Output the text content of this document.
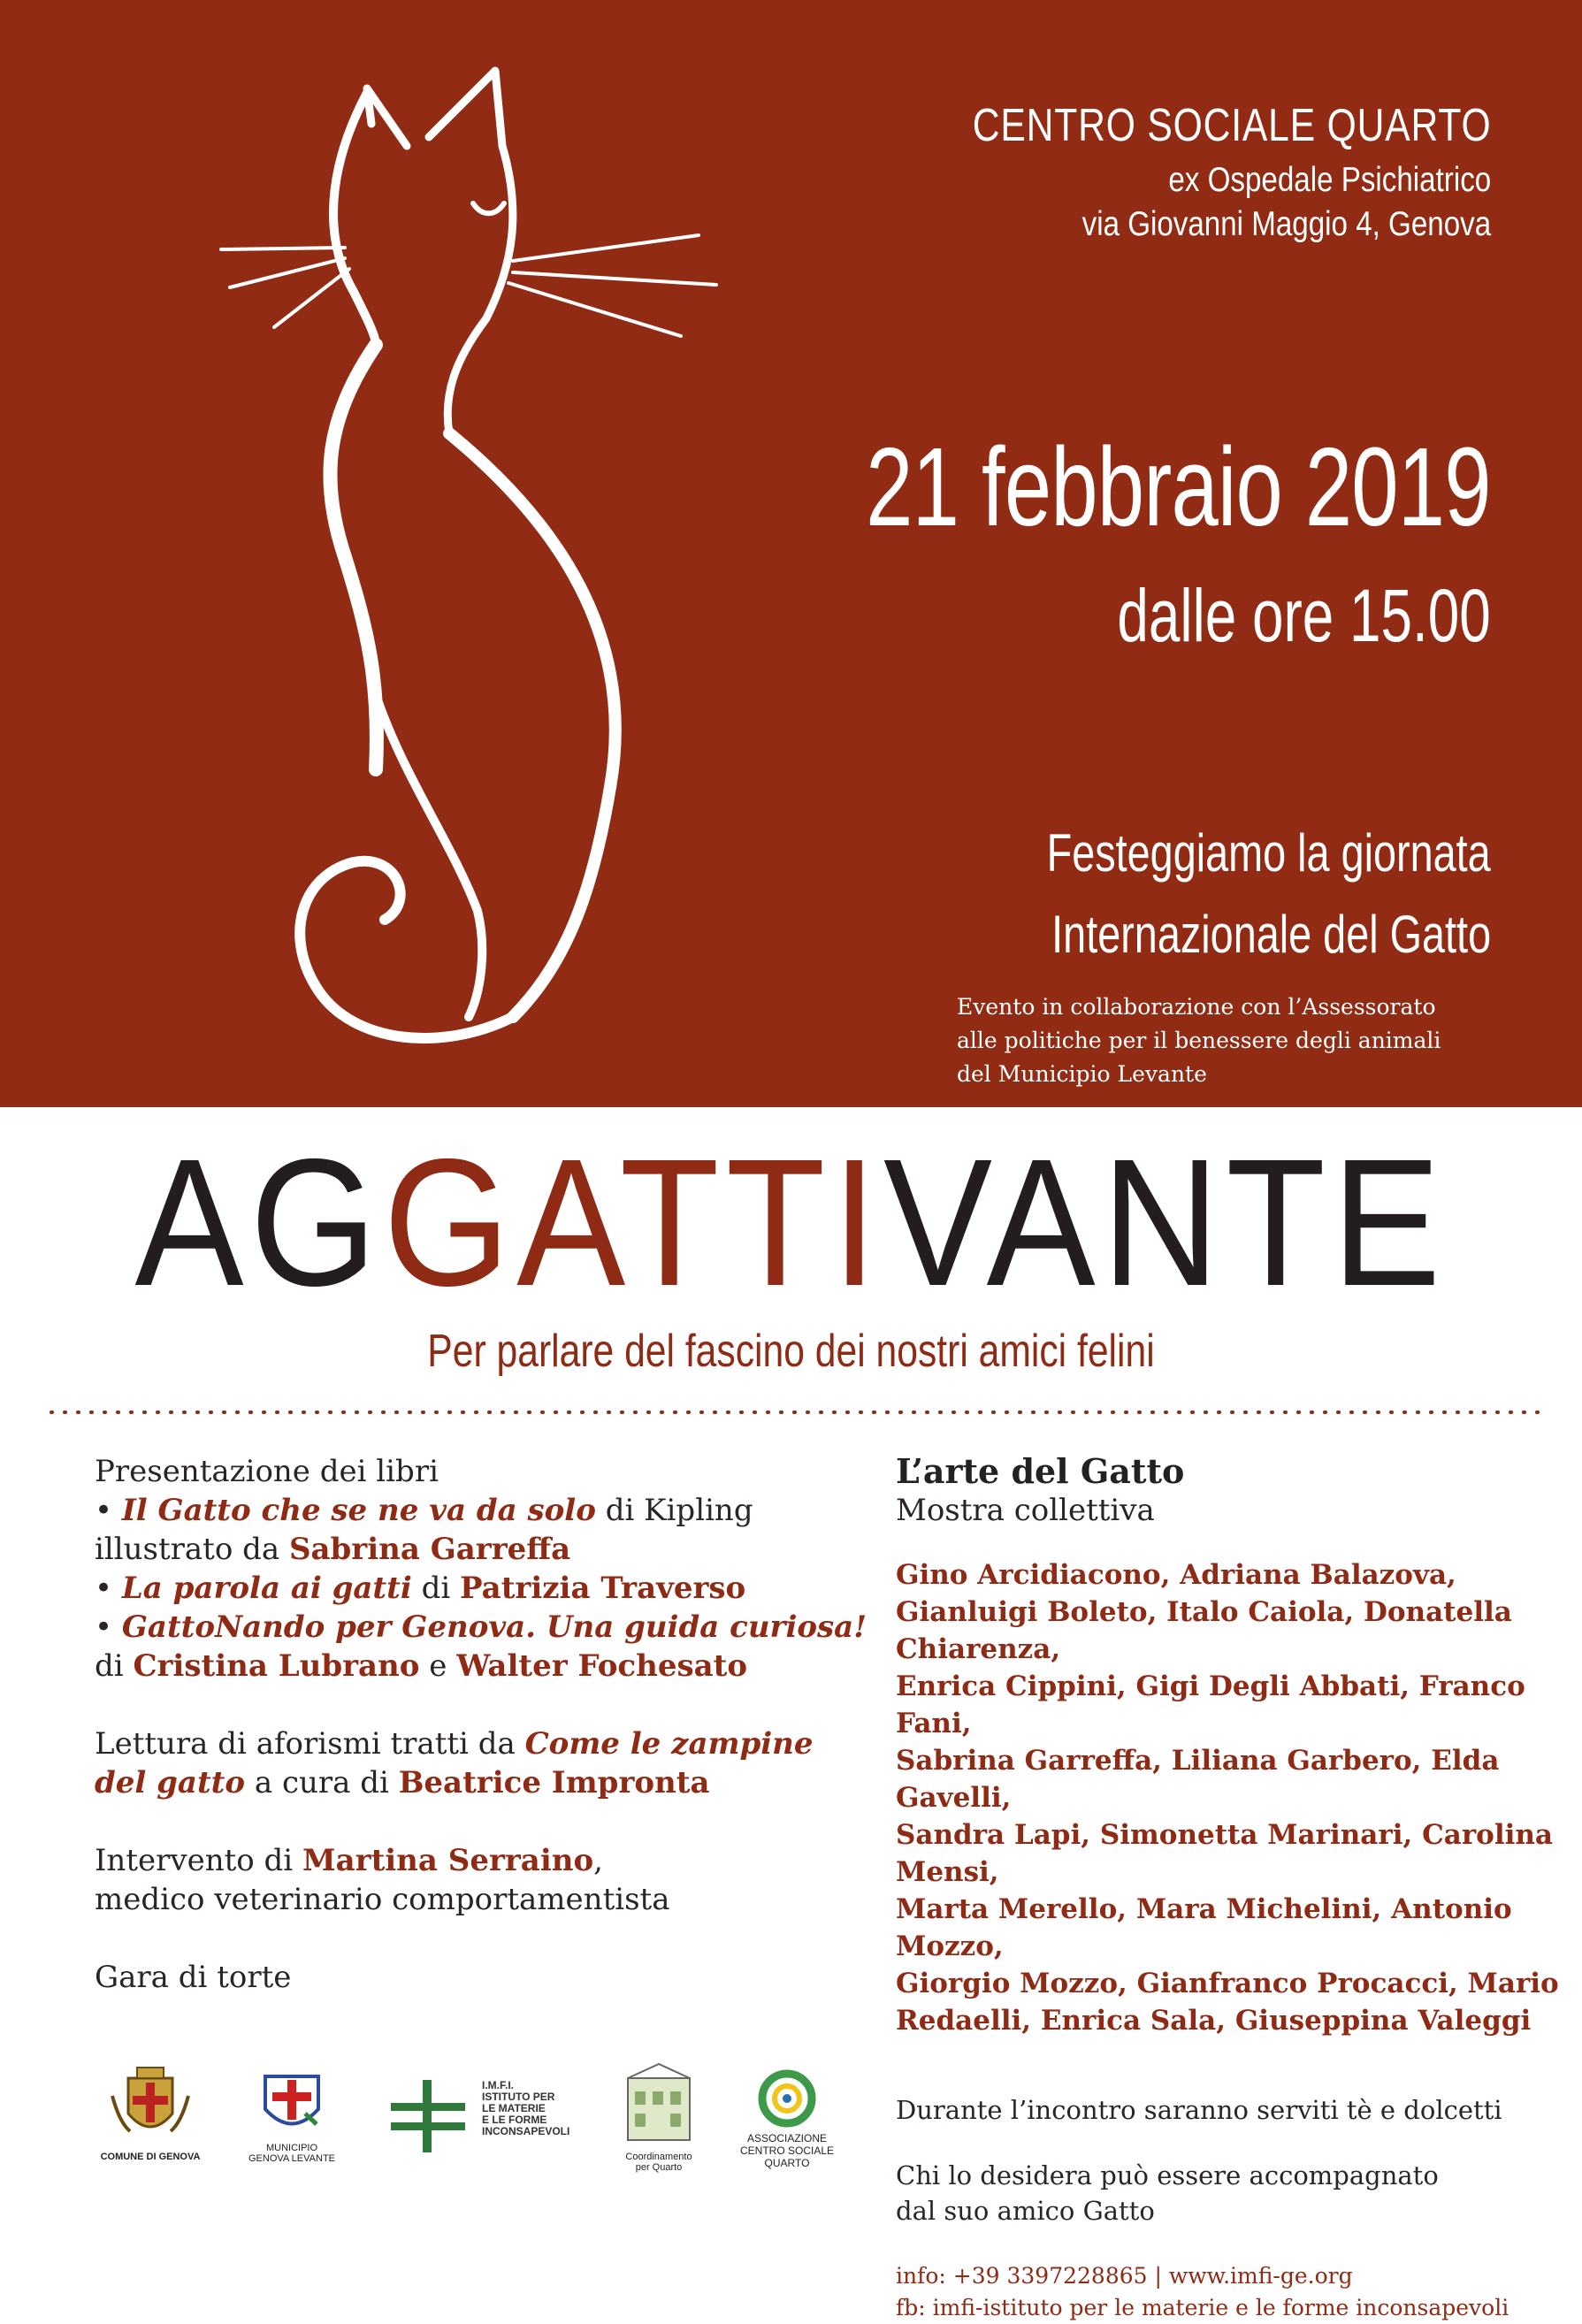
CENTRO SOCIALE QUARTO
ex Ospedale Psichiatrico
via Giovanni Maggio 4, Genova
21 febbraio 2019
dalle ore 15.00
Festeggiamo la giornata
Internazionale del Gatto
Evento in collaborazione con l’Assessorato
alle politiche per il benessere degli animali
del Municipio Levante
AGGATTIVANTE
Per parlare del fascino dei nostri amici felini
Presentazione dei libri
• Il Gatto che se ne va da solo di Kipling
illustrato da Sabrina Garreffa
• La parola ai gatti di Patrizia Traverso
• GattoNando per Genova. Una guida curiosa!
di Cristina Lubrano e Walter Fochesato
Lettura di aforismi tratti da Come le zampine
del gatto a cura di Beatrice Impronta
Intervento di Martina Serraino,
medico veterinario comportamentista
Gara di torte
L’arte del Gatto
Mostra collettiva
Gino Arcidiacono, Adriana Balazova,
Gianluigi Boleto, Italo Caiola, Donatella Chiarenza,
Enrica Cippini, Gigi Degli Abbati, Franco Fani,
Sabrina Garreffa, Liliana Garbero, Elda Gavelli,
Sandra Lapi, Simonetta Marinari, Carolina Mensi,
Marta Merello, Mara Michelini, Antonio Mozzo,
Giorgio Mozzo, Gianfranco Procacci, Mario
Redaelli, Enrica Sala, Giuseppina Valeggi
Durante l’incontro saranno serviti tè e dolcetti
Chi lo desidera può essere accompagnato
dal suo amico Gatto
info: +39 3397228865 | www.imfi-ge.org
fb: imfi-istituto per le materie e le forme inconsapevoli
COMUNE DI GENOVA
MUNICIPIO
GENOVA LEVANTE
I.M.F.I.
ISTITUTO PER
LE MATERIE
E LE FORME
INCONSAPEVOLI
Coordinamento
per Quarto
ASSOCIAZIONE
CENTRO SOCIALE
QUARTO
